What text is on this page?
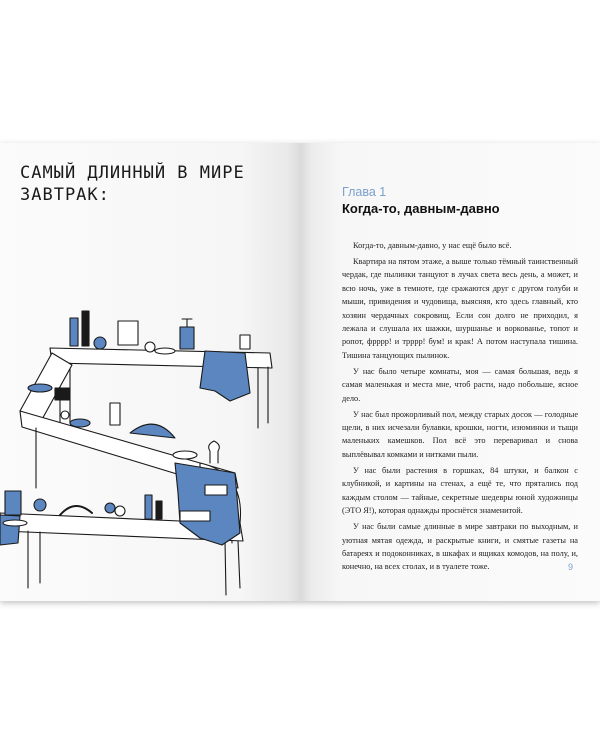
САМЫЙ ДЛИННЫЙ В МИРЕ
ЗАВТРАК:	Глава 1
Когда-то, давным-давно

Когда-то, давным-давно, у нас ещё было всё.

Квартира на пятом этаже, а выше только тёмный таинственный чердак, где пылинки танцуют в лучах света весь день, а может, и всю ночь, уже в темноте, где сражаются друг с другом голуби и мыши, привидения и чудовища, выясняя, кто здесь главный, кто хозяин чердачных сокровищ. Если сон долго не приходил, я лежала и слушала их шажки, шуршанье и воркованье, топот и ропот, фрррр! и трррр! бум! и крак! А потом наступала тишина. Тишина танцующих пылинок.

У нас было четыре комнаты, моя — самая большая, ведь я самая маленькая и места мне, чтоб расти, надо побольше, ясное дело.

У нас был прожорливый пол, между старых досок — голодные щели, в них исчезали булавки, крошки, ногти, изюминки и тыщи маленьких камешков. Пол всё это переваривал и снова выплёвывал комками и нитками пыли.

У нас были растения в горшках, 84 штуки, и балкон с клубникой, и картины на стенах, а ещё те, что прятались под каждым столом — тайные, секретные шедевры юной художницы (ЭТО Я!), которая однажды проснётся знаменитой.

У нас были самые длинные в мире завтраки по выходным, и уютная мятая одежда, и раскрытые книги, и смятые газеты на батареях и подоконниках, в шкафах и ящиках комодов, на полу, и, конечно, на всех столах, и в туалете тоже.	9
